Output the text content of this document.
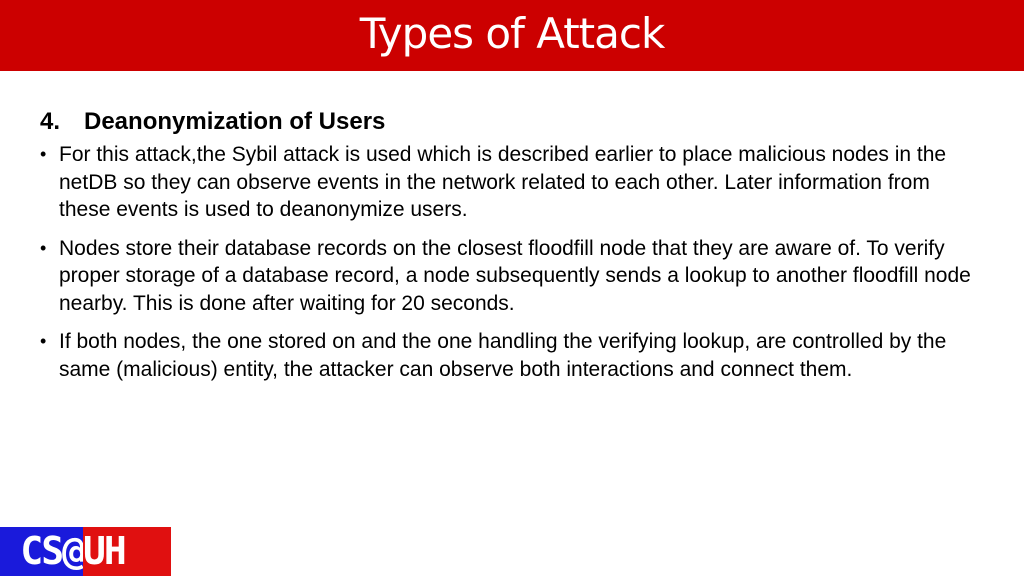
Types of Attack
4. Deanonymization of Users
• For this attack,the Sybil attack is used which is described earlier to place malicious nodes in the netDB so they can observe events in the network related to each other. Later information from these events is used to deanonymize users.
• Nodes store their database records on the closest floodfill node that they are aware of. To verify proper storage of a database record, a node subsequently sends a lookup to another floodfill node nearby. This is done after waiting for 20 seconds.
• If both nodes, the one stored on and the one handling the verifying lookup, are controlled by the same (malicious) entity, the attacker can observe both interactions and connect them.
CS@ UH
